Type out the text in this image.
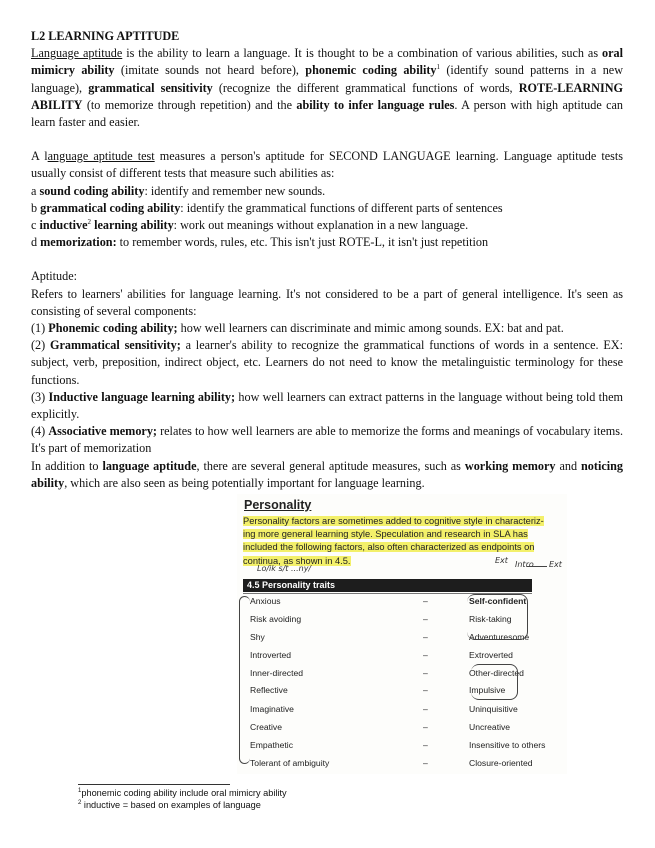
L2 LEARNING APTITUDE

Language aptitude is the ability to learn a language. It is thought to be a combination of various abilities, such as oral mimicry ability (imitate sounds not heard before), phonemic coding ability$^1$ (identify sound patterns in a new language), grammatical sensitivity (recognize the different grammatical functions of words, ROTE-LEARNING ABILITY (to memorize through repetition) and the ability to infer language rules. A person with high aptitude can learn faster and easier.

A language aptitude test measures a person's aptitude for SECOND LANGUAGE learning. Language aptitude tests usually consist of different tests that measure such abilities as:

a sound coding ability: identify and remember new sounds.
b grammatical coding ability: identify the grammatical functions of different parts of sentences
c inductive$^2$ learning ability: work out meanings without explanation in a new language.
d memorization: to remember words, rules, etc. This isn't just ROTE-L, it isn't just repetition
Aptitude:

Refers to learners' abilities for language learning. It's not considered to be a part of general intelligence. It's seen as consisting of several components:

(1) Phonemic coding ability; how well learners can discriminate and mimic among sounds. EX: bat and pat.

(2) Grammatical sensitivity; a learner's ability to recognize the grammatical functions of words in a sentence. EX: subject, verb, preposition, indirect object, etc. Learners do not need to know the metalinguistic terminology for these functions.

(3) Inductive language learning ability; how well learners can extract patterns in the language without being told them explicitly.

(4) Associative memory; relates to how well learners are able to memorize the forms and meanings of vocabulary items. It's part of memorization

In addition to language aptitude, there are several general aptitude measures, such as working memory and noticing ability, which are also seen as being potentially important for language learning.

Personality
Personality factors are sometimes added to cognitive style in characteriz-
ing more general learning style. Speculation and research in SLA has
included the following factors, also often characterized as endpoints on
continua, as shown in 4.5.
Lo/ik s/t ...ny/
Ext Intro Ext
4.5 Personality traits
Anxious	–	Self-confident
Risk avoiding	–	Risk-taking
Shy	–	Adventuresome
Introverted	–	Extroverted
Inner-directed	–	Other-directed
Reflective	–	Impulsive
Imaginative	–	Uninquisitive
Creative	–	Uncreative
Empathetic	–	Insensitive to others
Tolerant of ambiguity	–	Closure-oriented
$^1$phonemic coding ability include oral mimicry ability
$^2$ inductive = based on examples of language
